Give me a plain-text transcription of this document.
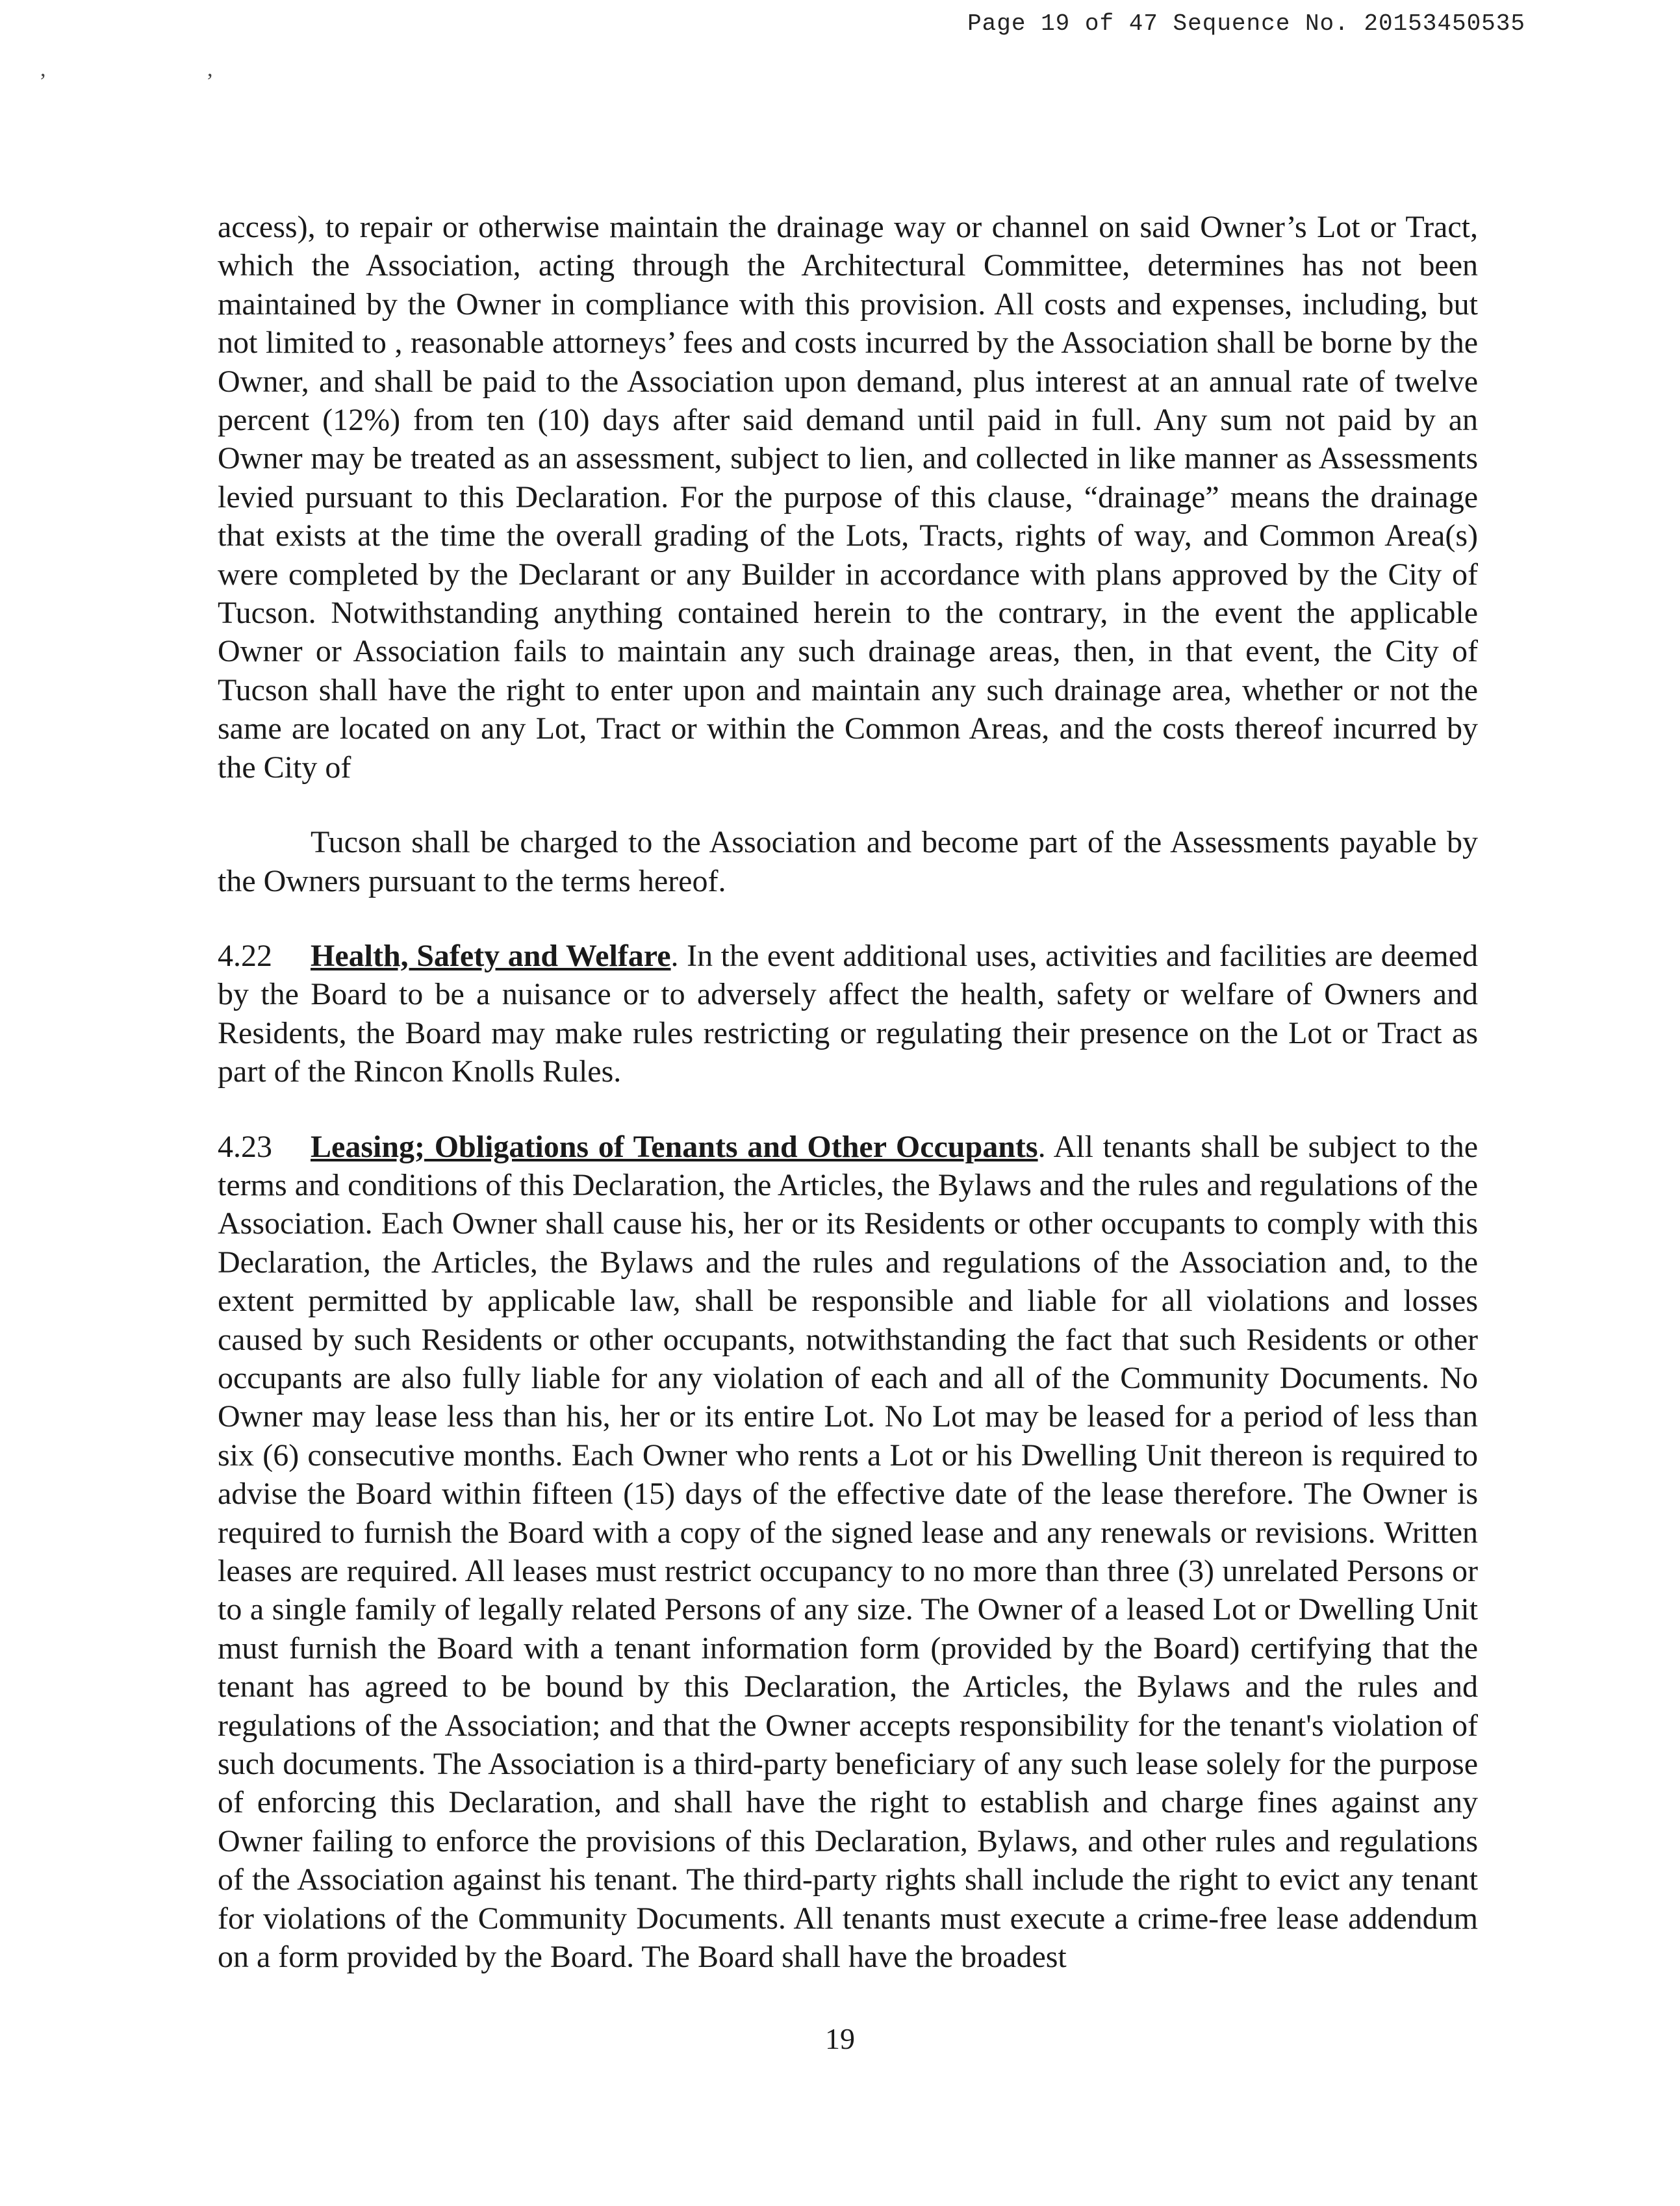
Page 19 of 47 Sequence No. 20153450535
, ,

access), to repair or otherwise maintain the drainage way or channel on said Owner’s Lot or Tract, which the Association, acting through the Architectural Committee, determines has not been maintained by the Owner in compliance with this provision. All costs and expenses, including, but not limited to , reasonable attorneys’ fees and costs incurred by the Association shall be borne by the Owner, and shall be paid to the Association upon demand, plus interest at an annual rate of twelve percent (12%) from ten (10) days after said demand until paid in full. Any sum not paid by an Owner may be treated as an assessment, subject to lien, and collected in like manner as Assessments levied pursuant to this Declaration. For the purpose of this clause, “drainage” means the drainage that exists at the time the overall grading of the Lots, Tracts, rights of way, and Common Area(s) were completed by the Declarant or any Builder in accordance with plans approved by the City of Tucson. Notwithstanding anything contained herein to the contrary, in the event the applicable Owner or Association fails to maintain any such drainage areas, then, in that event, the City of Tucson shall have the right to enter upon and maintain any such drainage area, whether or not the same are located on any Lot, Tract or within the Common Areas, and the costs thereof incurred by the City of

Tucson shall be charged to the Association and become part of the Assessments payable by the Owners pursuant to the terms hereof.

4.22 Health, Safety and Welfare. In the event additional uses, activities and facilities are deemed by the Board to be a nuisance or to adversely affect the health, safety or welfare of Owners and Residents, the Board may make rules restricting or regulating their presence on the Lot or Tract as part of the Rincon Knolls Rules.

4.23 Leasing; Obligations of Tenants and Other Occupants. All tenants shall be subject to the terms and conditions of this Declaration, the Articles, the Bylaws and the rules and regulations of the Association. Each Owner shall cause his, her or its Residents or other occupants to comply with this Declaration, the Articles, the Bylaws and the rules and regulations of the Association and, to the extent permitted by applicable law, shall be responsible and liable for all violations and losses caused by such Residents or other occupants, notwithstanding the fact that such Residents or other occupants are also fully liable for any violation of each and all of the Community Documents. No Owner may lease less than his, her or its entire Lot. No Lot may be leased for a period of less than six (6) consecutive months. Each Owner who rents a Lot or his Dwelling Unit thereon is required to advise the Board within fifteen (15) days of the effective date of the lease therefore. The Owner is required to furnish the Board with a copy of the signed lease and any renewals or revisions. Written leases are required. All leases must restrict occupancy to no more than three (3) unrelated Persons or to a single family of legally related Persons of any size. The Owner of a leased Lot or Dwelling Unit must furnish the Board with a tenant information form (provided by the Board) certifying that the tenant has agreed to be bound by this Declaration, the Articles, the Bylaws and the rules and regulations of the Association; and that the Owner accepts responsibility for the tenant's violation of such documents. The Association is a third-party beneficiary of any such lease solely for the purpose of enforcing this Declaration, and shall have the right to establish and charge fines against any Owner failing to enforce the provisions of this Declaration, Bylaws, and other rules and regulations of the Association against his tenant. The third-party rights shall include the right to evict any tenant for violations of the Community Documents. All tenants must execute a crime-free lease addendum on a form provided by the Board. The Board shall have the broadest

19
